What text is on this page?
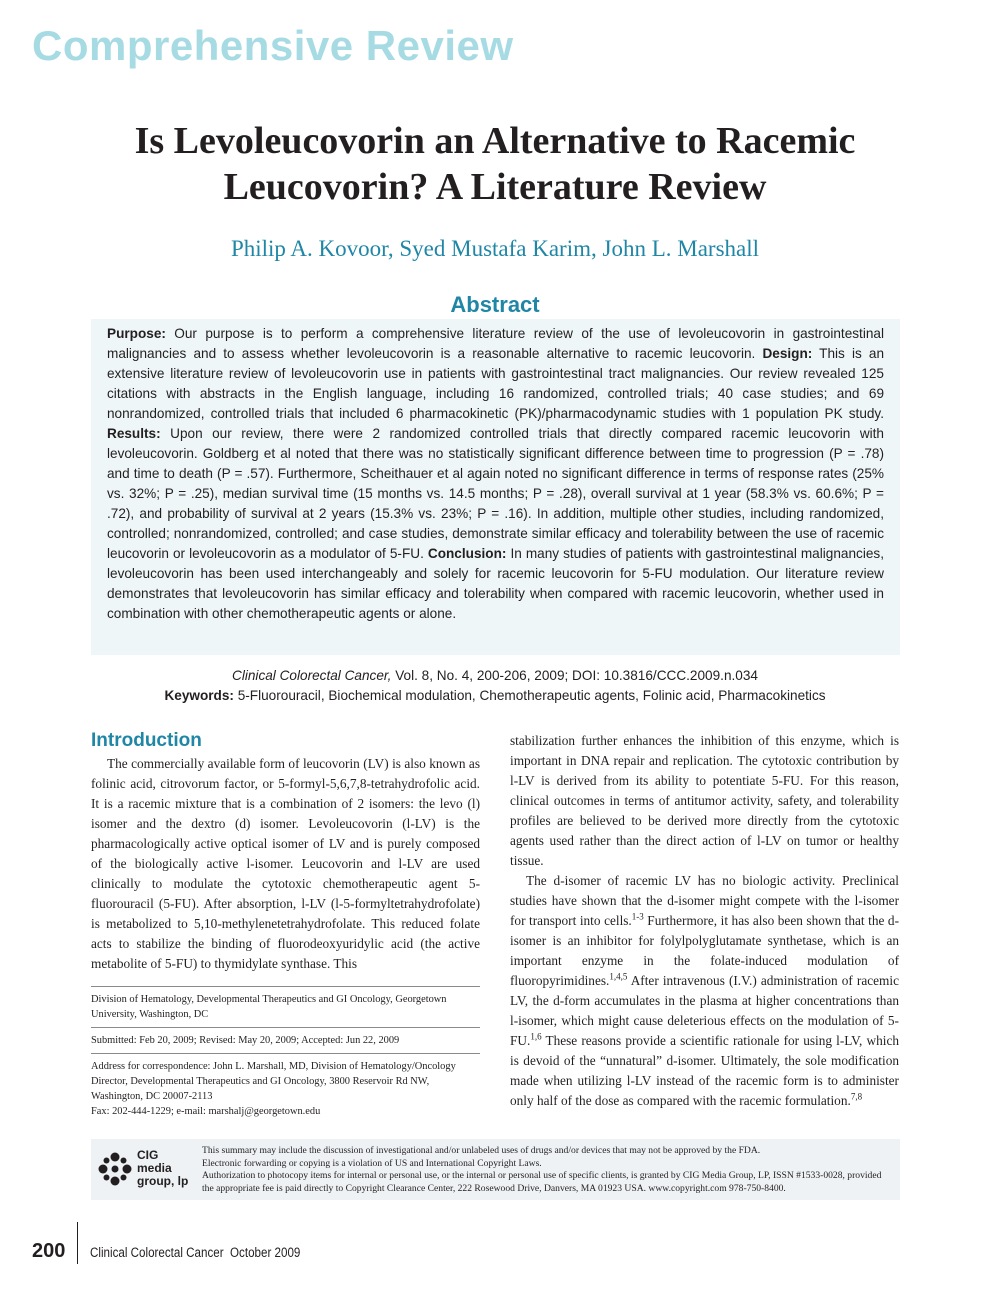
Comprehensive Review
Is Levoleucovorin an Alternative to Racemic Leucovorin? A Literature Review
Philip A. Kovoor, Syed Mustafa Karim, John L. Marshall
Abstract

Purpose: Our purpose is to perform a comprehensive literature review of the use of levoleucovorin in gastrointestinal malignancies and to assess whether levoleucovorin is a reasonable alternative to racemic leucovorin. Design: This is an extensive literature review of levoleucovorin use in patients with gastrointestinal tract malignancies. Our review revealed 125 citations with abstracts in the English language, including 16 randomized, controlled trials; 40 case studies; and 69 nonrandomized, controlled trials that included 6 pharmacokinetic (PK)/pharmacodynamic studies with 1 population PK study. Results: Upon our review, there were 2 randomized controlled trials that directly compared racemic leucovorin with levoleucovorin. Goldberg et al noted that there was no statistically significant difference between time to progression (P = .78) and time to death (P = .57). Furthermore, Scheithauer et al again noted no significant difference in terms of response rates (25% vs. 32%; P = .25), median survival time (15 months vs. 14.5 months; P = .28), overall survival at 1 year (58.3% vs. 60.6%; P = .72), and probability of survival at 2 years (15.3% vs. 23%; P = .16). In addition, multiple other studies, including randomized, controlled; nonrandomized, controlled; and case studies, demonstrate similar efficacy and tolerability between the use of racemic leucovorin or levoleucovorin as a modulator of 5-FU. Conclusion: In many studies of patients with gastrointestinal malignancies, levoleucovorin has been used interchangeably and solely for racemic leucovorin for 5-FU modulation. Our literature review demonstrates that levoleucovorin has similar efficacy and tolerability when compared with racemic leucovorin, whether used in combination with other chemotherapeutic agents or alone.

Clinical Colorectal Cancer, Vol. 8, No. 4, 200-206, 2009; DOI: 10.3816/CCC.2009.n.034
Keywords: 5-Fluorouracil, Biochemical modulation, Chemotherapeutic agents, Folinic acid, Pharmacokinetics
Introduction

The commercially available form of leucovorin (LV) is also known as folinic acid, citrovorum factor, or 5-formyl-5,6,7,8-tetrahydrofolic acid. It is a racemic mixture that is a combination of 2 isomers: the levo (l) isomer and the dextro (d) isomer. Levoleucovorin (l-LV) is the pharmacologically active optical isomer of LV and is purely composed of the biologically active l-isomer. Leucovorin and l-LV are used clinically to modulate the cytotoxic chemotherapeutic agent 5-fluorouracil (5-FU). After absorption, l-LV (l-5-formyltetrahydrofolate) is metabolized to 5,10-methylenetetrahydrofolate. This reduced folate acts to stabilize the binding of fluorodeoxyuridylic acid (the active metabolite of 5-FU) to thymidylate synthase. This

stabilization further enhances the inhibition of this enzyme, which is important in DNA repair and replication. The cytotoxic contribution by l-LV is derived from its ability to potentiate 5-FU. For this reason, clinical outcomes in terms of antitumor activity, safety, and tolerability profiles are believed to be derived more directly from the cytotoxic agents used rather than the direct action of l-LV on tumor or healthy tissue.

The d-isomer of racemic LV has no biologic activity. Preclinical studies have shown that the d-isomer might compete with the l-isomer for transport into cells.$^{1-3}$ Furthermore, it has also been shown that the d-isomer is an inhibitor for folylpolyglutamate synthetase, which is an important enzyme in the folate-induced modulation of fluoropyrimidines.$^{1,4,5}$ After intravenous (I.V.) administration of racemic LV, the d-form accumulates in the plasma at higher concentrations than l-isomer, which might cause deleterious effects on the modulation of 5-FU.$^{1,6}$ These reasons provide a scientific rationale for using l-LV, which is devoid of the “unnatural” d-isomer. Ultimately, the sole modification made when utilizing l-LV instead of the racemic form is to administer only half of the dose as compared with the racemic formulation.$^{7,8}$

Division of Hematology, Developmental Therapeutics and GI Oncology, Georgetown University, Washington, DC
Submitted: Feb 20, 2009; Revised: May 20, 2009; Accepted: Jun 22, 2009
Address for correspondence: John L. Marshall, MD, Division of Hematology/Oncology Director, Developmental Therapeutics and GI Oncology, 3800 Reservoir Rd NW, Washington, DC 20007-2113
Fax: 202-444-1229; e-mail: marshalj@georgetown.edu
CIG
media
group, lp
This summary may include the discussion of investigational and/or unlabeled uses of drugs and/or devices that may not be approved by the FDA.
Electronic forwarding or copying is a violation of US and International Copyright Laws.
Authorization to photocopy items for internal or personal use, or the internal or personal use of specific clients, is granted by CIG Media Group, LP, ISSN #1533-0028, provided the appropriate fee is paid directly to Copyright Clearance Center, 222 Rosewood Drive, Danvers, MA 01923 USA. www.copyright.com 978-750-8400.
200 Clinical Colorectal Cancer  October 2009
